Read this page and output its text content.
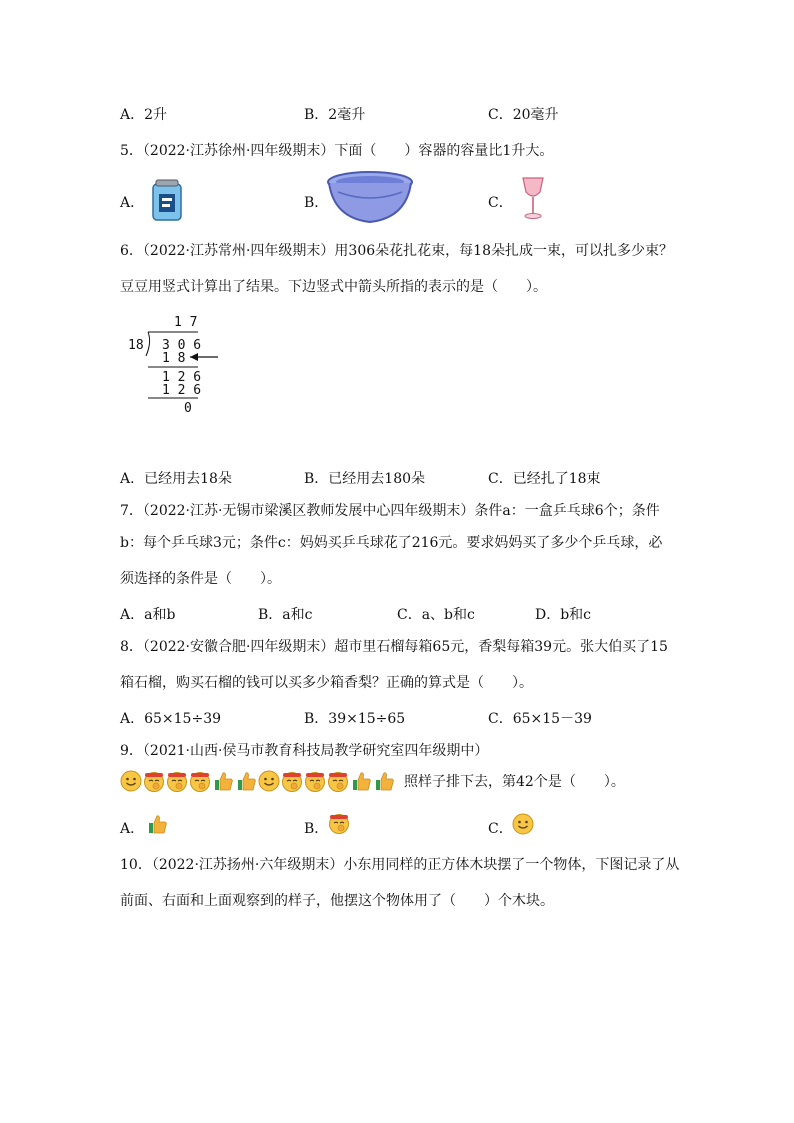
A．2升	B．2毫升	C．20毫升
5．（2022·江苏徐州·四年级期末）下面（　　）容器的容量比1升大。
A．	B．	C．
6．（2022·江苏常州·四年级期末）用306朵花扎花束，每18朵扎成一束，可以扎多少束？
豆豆用竖式计算出了结果。下边竖式中箭头所指的表示的是（　　）。
1 7
18 3 0 6
1 8
1 2 6
1 2 6
0
A．已经用去18朵	B．已经用去180朵	C．已经扎了18束
7．（2022·江苏·无锡市梁溪区教师发展中心四年级期末）条件a：一盒乒乓球6个；条件
b：每个乒乓球3元；条件c：妈妈买乒乓球花了216元。要求妈妈买了多少个乒乓球，必
须选择的条件是（　　）。
A．a和b	B．a和c	C．a、b和c	D．b和c
8．（2022·安徽合肥·四年级期末）超市里石榴每箱65元，香梨每箱39元。张大伯买了15
箱石榴，购买石榴的钱可以买多少箱香梨？正确的算式是（　　）。
A．65×15÷39	B．39×15÷65	C．65×15－39
9．（2021·山西·侯马市教育科技局教学研究室四年级期中）
照样子排下去，第42个是（　　）。
A．	B．	C．
10．（2022·江苏扬州·六年级期末）小东用同样的正方体木块摆了一个物体，下图记录了从
前面、右面和上面观察到的样子，他摆这个物体用了（　　）个木块。
